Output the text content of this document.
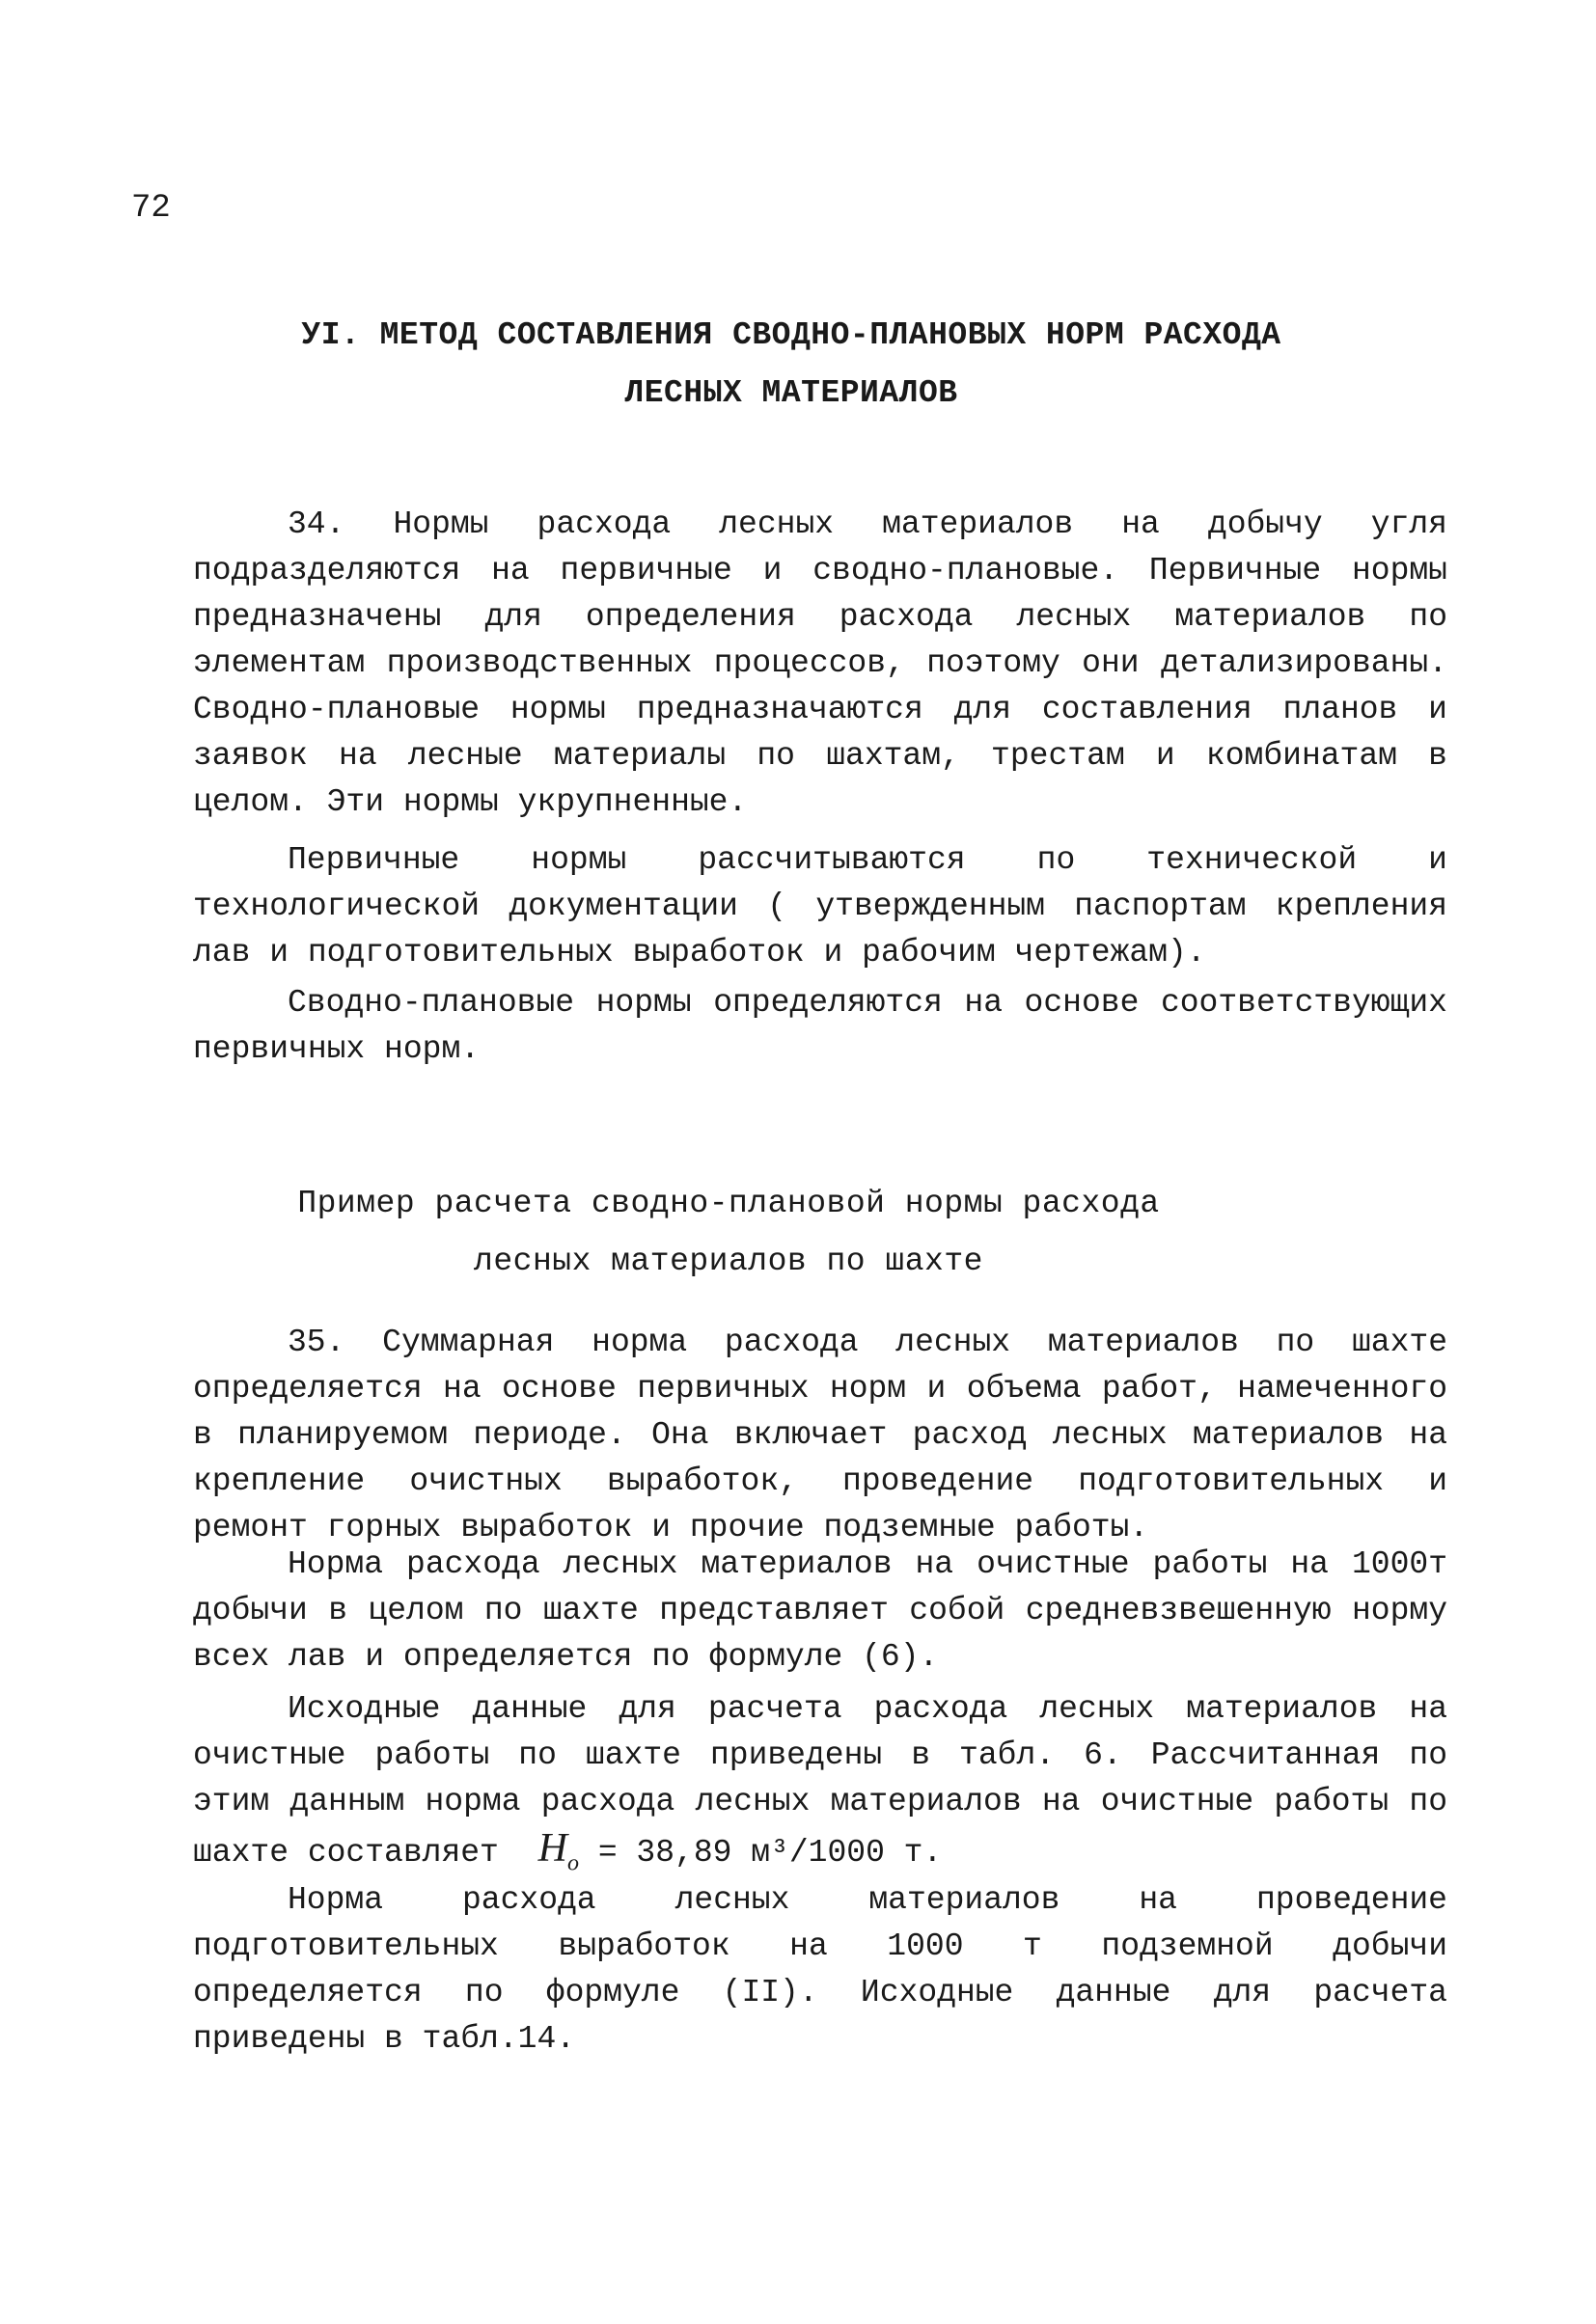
72
УI. МЕТОД СОСТАВЛЕНИЯ СВОДНО-ПЛАНОВЫХ НОРМ РАСХОДА
ЛЕСНЫХ МАТЕРИАЛОВ
34. Нормы расхода лесных материалов на добычу угля подразделяются на первичные и сводно-плановые. Первичные нормы предназначены для определения расхода лесных материалов по элементам производственных процессов, поэтому они детализированы. Сводно-плановые нормы предназначаются для составления планов и заявок на лесные материалы по шахтам, трестам и комбинатам в целом. Эти нормы укрупненные.
Первичные нормы рассчитываются по технической и технологической документации ( утвержденным паспортам крепления лав и подготовительных выработок и рабочим чертежам).
Сводно-плановые нормы определяются на основе соответствующих первичных норм.
Пример расчета сводно-плановой нормы расхода
лесных материалов по шахте
35. Суммарная норма расхода лесных материалов по шахте определяется на основе первичных норм и объема работ, намеченного в планируемом периоде. Она включает расход лесных материалов на крепление очистных выработок, проведение подготовительных и ремонт горных выработок и прочие подземные работы.
Норма расхода лесных материалов на очистные работы на 1000т добычи в целом по шахте представляет собой средневзвешенную норму всех лав и определяется по формуле (6).
Исходные данные для расчета расхода лесных материалов на очистные работы по шахте приведены в табл. 6. Рассчитанная по этим данным норма расхода лесных материалов на очистные работы по шахте составляет $Н_о = 38,89$ м³/1000 т.
Норма расхода лесных материалов на проведение подготовительных выработок на 1000 т подземной добычи определяется по формуле (II). Исходные данные для расчета приведены в табл.14.
